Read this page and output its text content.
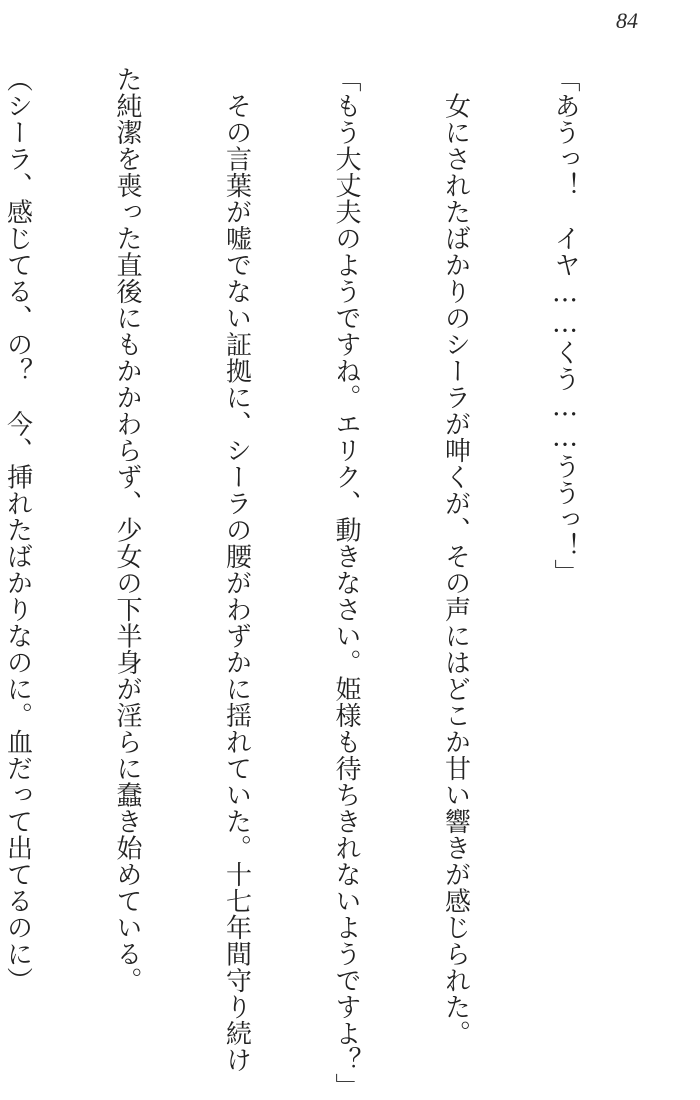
84

「あうっ！　イヤ……くう……ううっ！」

　女にされたばかりのシーラが呻くが、その声にはどこか甘い響きが感じられた。

「もう大丈夫のようですね。エリク、動きなさい。姫様も待ちきれないようですよ？」

　その言葉が嘘でない証拠に、シーラの腰がわずかに揺れていた。十七年間守り続け

た純潔を喪った直後にもかかわらず、少女の下半身が淫らに蠢き始めている。

（シーラ、感じてる、の？　今、挿れたばかりなのに。血だって出てるのに）
